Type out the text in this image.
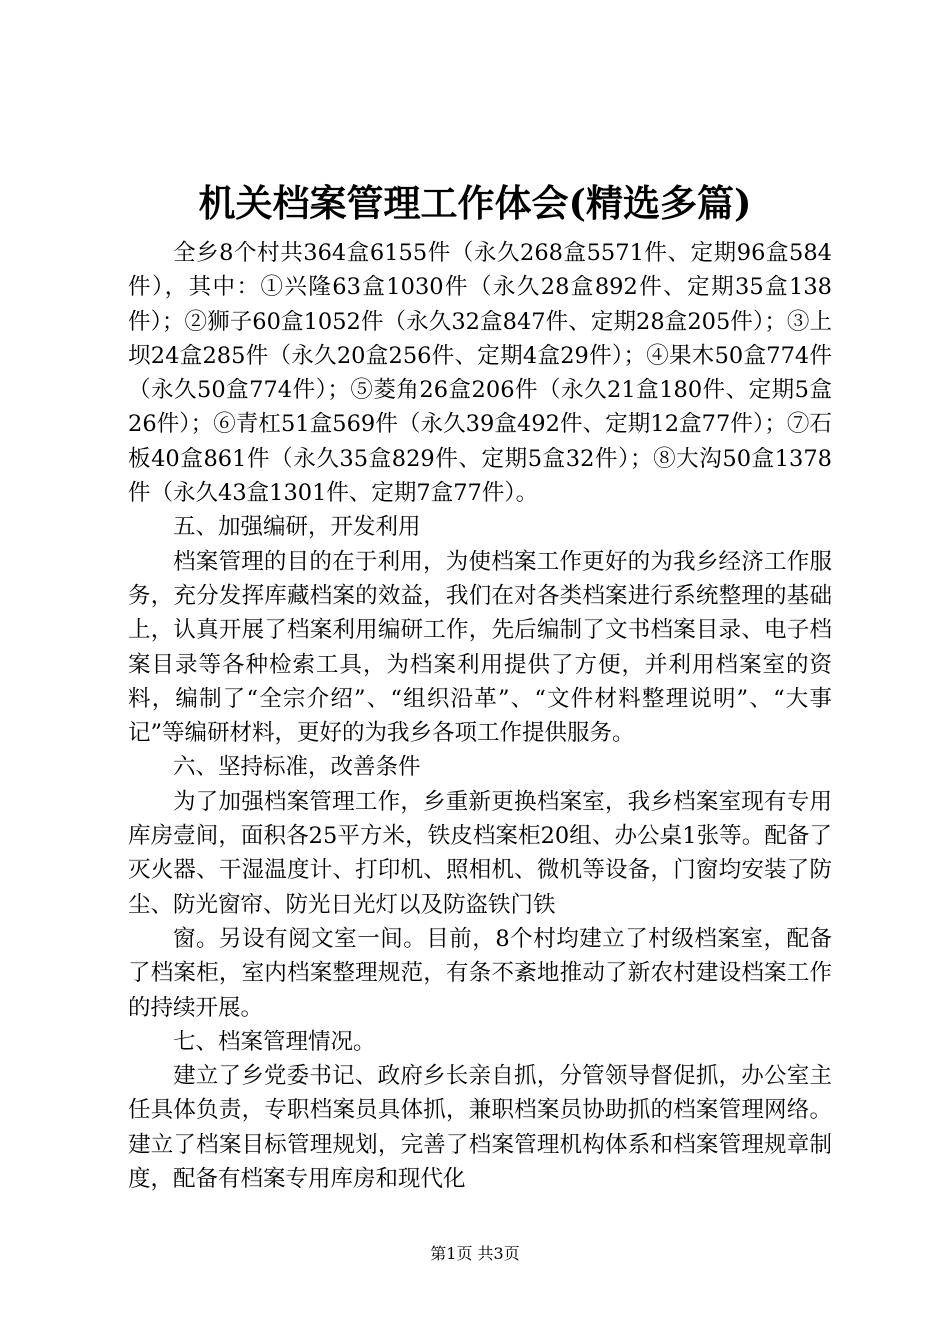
机关档案管理工作体会(精选多篇)

全乡8个村共364盒6155件（永久268盒5571件、定期96盒584件），其中：①兴隆63盒1030件（永久28盒892件、定期35盒138件）；②狮子60盒1052件（永久32盒847件、定期28盒205件）；③上坝24盒285件（永久20盒256件、定期4盒29件）；④果木50盒774件（永久50盒774件）；⑤菱角26盒206件（永久21盒180件、定期5盒26件）；⑥青杠51盒569件（永久39盒492件、定期12盒77件）；⑦石板40盒861件（永久35盒829件、定期5盒32件）；⑧大沟50盒1378件（永久43盒1301件、定期7盒77件）。

五、加强编研，开发利用

档案管理的目的在于利用，为使档案工作更好的为我乡经济工作服务，充分发挥库藏档案的效益，我们在对各类档案进行系统整理的基础上，认真开展了档案利用编研工作，先后编制了文书档案目录、电子档案目录等各种检索工具，为档案利用提供了方便，并利用档案室的资料，编制了“全宗介绍”、“组织沿革”、“文件材料整理说明”、“大事记”等编研材料，更好的为我乡各项工作提供服务。

六、坚持标准，改善条件

为了加强档案管理工作，乡重新更换档案室，我乡档案室现有专用库房壹间，面积各25平方米，铁皮档案柜20组、办公桌1张等。配备了灭火器、干湿温度计、打印机、照相机、微机等设备，门窗均安装了防尘、防光窗帘、防光日光灯以及防盗铁门铁

窗。另设有阅文室一间。目前，8个村均建立了村级档案室，配备了档案柜，室内档案整理规范，有条不紊地推动了新农村建设档案工作的持续开展。

七、档案管理情况。

建立了乡党委书记、政府乡长亲自抓，分管领导督促抓，办公室主任具体负责，专职档案员具体抓，兼职档案员协助抓的档案管理网络。建立了档案目标管理规划，完善了档案管理机构体系和档案管理规章制度，配备有档案专用库房和现代化

第1页 共3页
